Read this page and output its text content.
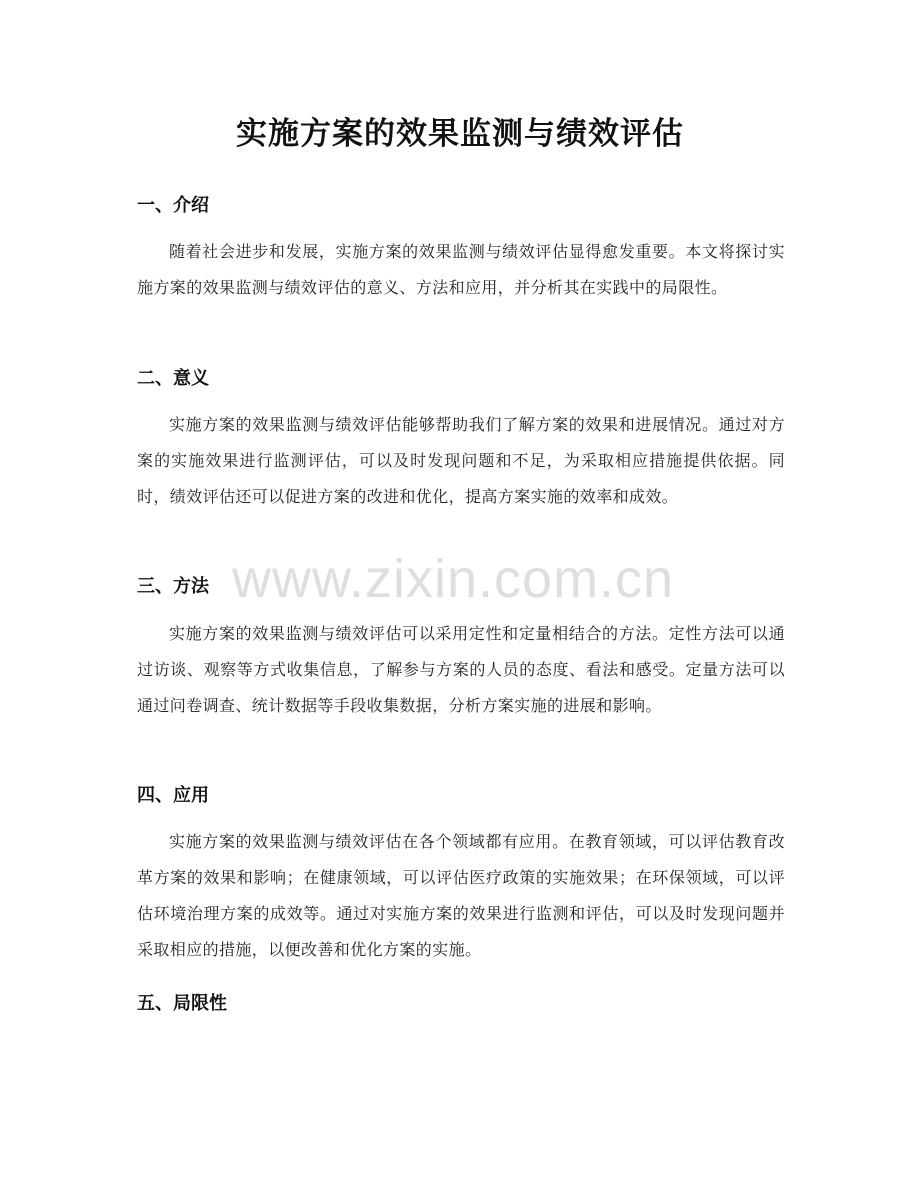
实施方案的效果监测与绩效评估
一、介绍

随着社会进步和发展，实施方案的效果监测与绩效评估显得愈发重要。本文将探讨实施方案的效果监测与绩效评估的意义、方法和应用，并分析其在实践中的局限性。

二、意义

实施方案的效果监测与绩效评估能够帮助我们了解方案的效果和进展情况。通过对方案的实施效果进行监测评估，可以及时发现问题和不足，为采取相应措施提供依据。同时，绩效评估还可以促进方案的改进和优化，提高方案实施的效率和成效。

三、方法

实施方案的效果监测与绩效评估可以采用定性和定量相结合的方法。定性方法可以通过访谈、观察等方式收集信息，了解参与方案的人员的态度、看法和感受。定量方法可以通过问卷调查、统计数据等手段收集数据，分析方案实施的进展和影响。

四、应用

实施方案的效果监测与绩效评估在各个领域都有应用。在教育领域，可以评估教育改革方案的效果和影响；在健康领域，可以评估医疗政策的实施效果；在环保领域，可以评估环境治理方案的成效等。通过对实施方案的效果进行监测和评估，可以及时发现问题并采取相应的措施，以便改善和优化方案的实施。

五、局限性
www.zixin.com.cn
